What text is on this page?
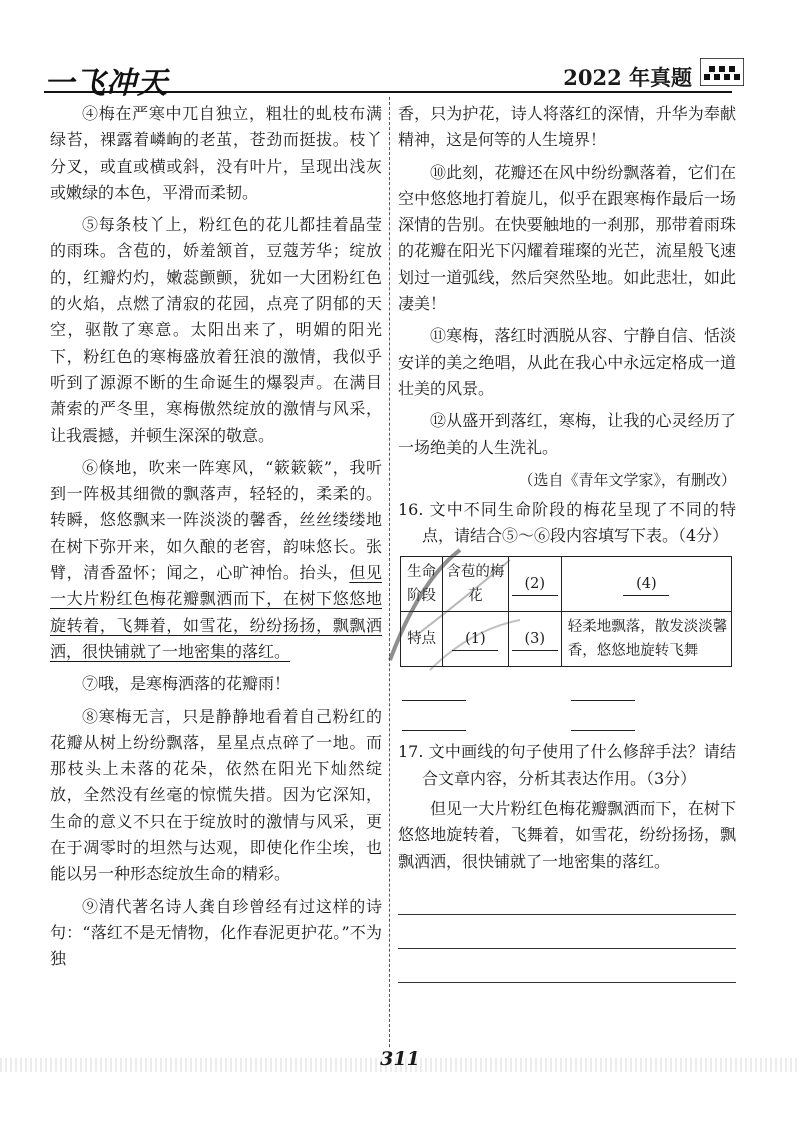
一飞冲天	2022 年真题

④梅在严寒中兀自独立，粗壮的虬枝布满绿苔，裸露着嶙峋的老茧，苍劲而挺拔。枝丫分叉，或直或横或斜，没有叶片，呈现出浅灰或嫩绿的本色，平滑而柔韧。

⑤每条枝丫上，粉红色的花儿都挂着晶莹的雨珠。含苞的，娇羞颔首，豆蔻芳华；绽放的，红瓣灼灼，嫩蕊颤颤，犹如一大团粉红色的火焰，点燃了清寂的花园，点亮了阴郁的天空，驱散了寒意。太阳出来了，明媚的阳光下，粉红色的寒梅盛放着狂浪的激情，我似乎听到了源源不断的生命诞生的爆裂声。在满目萧索的严冬里，寒梅傲然绽放的激情与风采，让我震撼，并顿生深深的敬意。

⑥倏地，吹来一阵寒风，“簌簌簌”，我听到一阵极其细微的飘落声，轻轻的，柔柔的。转瞬，悠悠飘来一阵淡淡的馨香，丝丝缕缕地在树下弥开来，如久酿的老窖，韵味悠长。张臂，清香盈怀；闻之，心旷神怡。抬头，但见一大片粉红色梅花瓣飘洒而下，在树下悠悠地旋转着，飞舞着，如雪花，纷纷扬扬，飘飘洒洒，很快铺就了一地密集的落红。

⑦哦，是寒梅洒落的花瓣雨！

⑧寒梅无言，只是静静地看着自己粉红的花瓣从树上纷纷飘落，星星点点碎了一地。而那枝头上未落的花朵，依然在阳光下灿然绽放，全然没有丝毫的惊慌失措。因为它深知，生命的意义不只在于绽放时的激情与风采，更在于凋零时的坦然与达观，即使化作尘埃，也能以另一种形态绽放生命的精彩。

⑨清代著名诗人龚自珍曾经有过这样的诗句：“落红不是无情物，化作春泥更护花。”不为独

香，只为护花，诗人将落红的深情，升华为奉献精神，这是何等的人生境界！

⑩此刻，花瓣还在风中纷纷飘落着，它们在空中悠悠地打着旋儿，似乎在跟寒梅作最后一场深情的告别。在快要触地的一刹那，那带着雨珠的花瓣在阳光下闪耀着璀璨的光芒，流星般飞速划过一道弧线，然后突然坠地。如此悲壮，如此凄美！

⑪寒梅，落红时洒脱从容、宁静自信、恬淡安详的美之绝唱，从此在我心中永远定格成一道壮美的风景。

⑫从盛开到落红，寒梅，让我的心灵经历了一场绝美的人生洗礼。

（选自《青年文学家》，有删改）
16. 文中不同生命阶段的梅花呈现了不同的特点，请结合⑤～⑥段内容填写下表。（4分）
生命阶段	含苞的梅花	(2)	(4)
特点	(1)	(3)	轻柔地飘落，散发淡淡馨香，悠悠地旋转飞舞
17. 文中画线的句子使用了什么修辞手法？请结合文章内容，分析其表达作用。（3分）

但见一大片粉红色梅花瓣飘洒而下，在树下悠悠地旋转着，飞舞着，如雪花，纷纷扬扬，飘飘洒洒，很快铺就了一地密集的落红。

311
